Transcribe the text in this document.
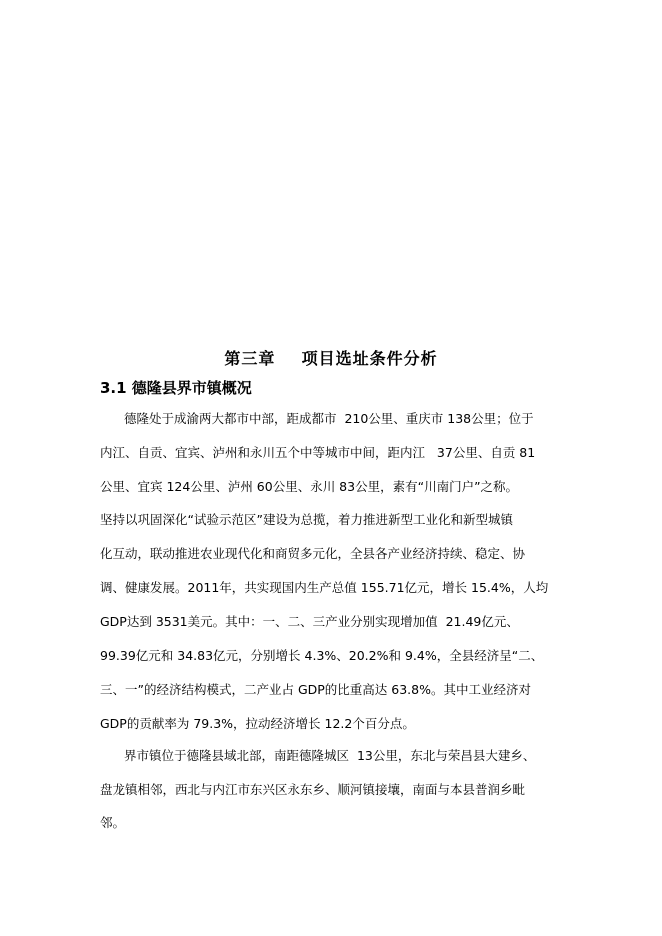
第三章    项目选址条件分析
3.1 德隆县界市镇概况
德隆处于成渝两大都市中部，距成都市  210公里、重庆市 138公里；位于
内江、自贡、宜宾、泸州和永川五个中等城市中间，距内江   37公里、自贡 81
公里、宜宾 124公里、泸州 60公里、永川 83公里，素有“川南门户”之称。
坚持以巩固深化“试验示范区”建设为总揽，着力推进新型工业化和新型城镇
化互动，联动推进农业现代化和商贸多元化，全县各产业经济持续、稳定、协
调、健康发展。2011年，共实现国内生产总值 155.71亿元，增长 15.4%，人均
GDP达到 3531美元。其中：一、二、三产业分别实现增加值  21.49亿元、
99.39亿元和 34.83亿元，分别增长 4.3%、20.2%和 9.4%，全县经济呈“二、
三、一”的经济结构模式，二产业占 GDP的比重高达 63.8%。其中工业经济对
GDP的贡献率为 79.3%，拉动经济增长 12.2个百分点。
界市镇位于德隆县域北部，南距德隆城区  13公里，东北与荣昌县大建乡、
盘龙镇相邻，西北与内江市东兴区永东乡、顺河镇接壤，南面与本县普润乡毗
邻。
